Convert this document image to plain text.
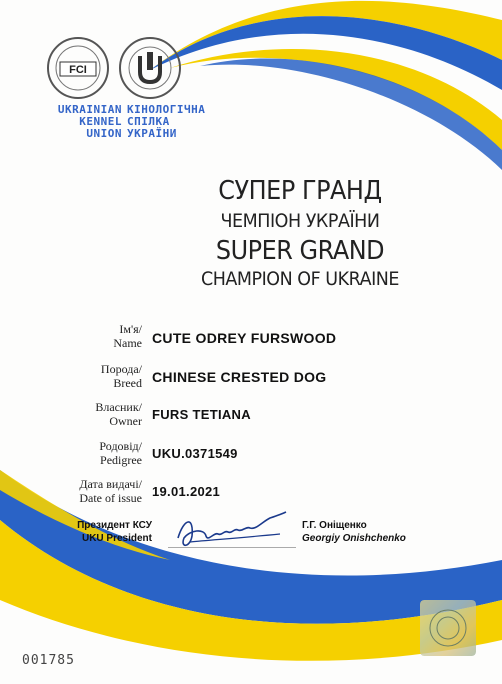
FCI
UKRAINIAN
KENNEL
UNION
КІНОЛОГІЧНА
СПІЛКА
УКРАЇНИ
СУПЕР ГРАНД
ЧЕМПІОН УКРАЇНИ
SUPER GRAND
CHAMPION OF UKRAINE
Ім'я/
Name CUTE ODREY FURSWOOD
Порода/
Breed CHINESE CRESTED DOG
Власник/
Owner FURS TETIANA
Родовід/
Pedigree UKU.0371549
Дата видачі/
Date of issue 19.01.2021
Президент КСУ
UKU President
Г.Г. Оніщенко
Georgiy Onishchenko
001785
